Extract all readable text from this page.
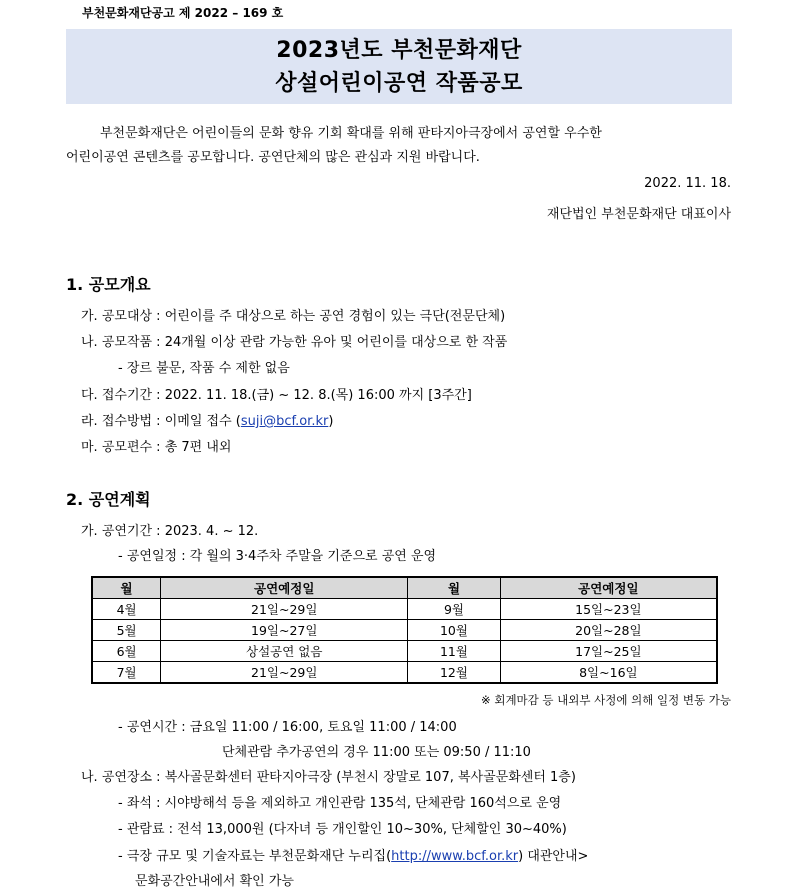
부천문화재단공고 제 2022 – 169 호
2023년도 부천문화재단
상설어린이공연 작품공모
부천문화재단은 어린이들의 문화 향유 기회 확대를 위해 판타지아극장에서 공연할 우수한
어린이공연 콘텐츠를 공모합니다. 공연단체의 많은 관심과 지원 바랍니다.
2022. 11. 18.
재단법인 부천문화재단 대표이사
1. 공모개요
가. 공모대상 : 어린이를 주 대상으로 하는 공연 경험이 있는 극단(전문단체)
나. 공모작품 : 24개월 이상 관람 가능한 유아 및 어린이를 대상으로 한 작품
- 장르 불문, 작품 수 제한 없음
다. 접수기간 : 2022. 11. 18.(금) ~ 12. 8.(목) 16:00 까지 [3주간]
라. 접수방법 : 이메일 접수 (suji@bcf.or.kr)
마. 공모편수 : 총 7편 내외
2. 공연계획
가. 공연기간 : 2023. 4. ~ 12.
- 공연일정 : 각 월의 3·4주차 주말을 기준으로 공연 운영
월	공연예정일	월	공연예정일
4월	21일~29일	9월	15일~23일
5월	19일~27일	10월	20일~28일
6월	상설공연 없음	11월	17일~25일
7월	21일~29일	12월	8일~16일
※ 회계마감 등 내외부 사정에 의해 일정 변동 가능
- 공연시간 : 금요일 11:00 / 16:00, 토요일 11:00 / 14:00
단체관람 추가공연의 경우 11:00 또는 09:50 / 11:10
나. 공연장소 : 복사골문화센터 판타지아극장 (부천시 장말로 107, 복사골문화센터 1층)
- 좌석 : 시야방해석 등을 제외하고 개인관람 135석, 단체관람 160석으로 운영
- 관람료 : 전석 13,000원 (다자녀 등 개인할인 10~30%, 단체할인 30~40%)
- 극장 규모 및 기술자료는 부천문화재단 누리집(http://www.bcf.or.kr) 대관안내>
문화공간안내에서 확인 가능
